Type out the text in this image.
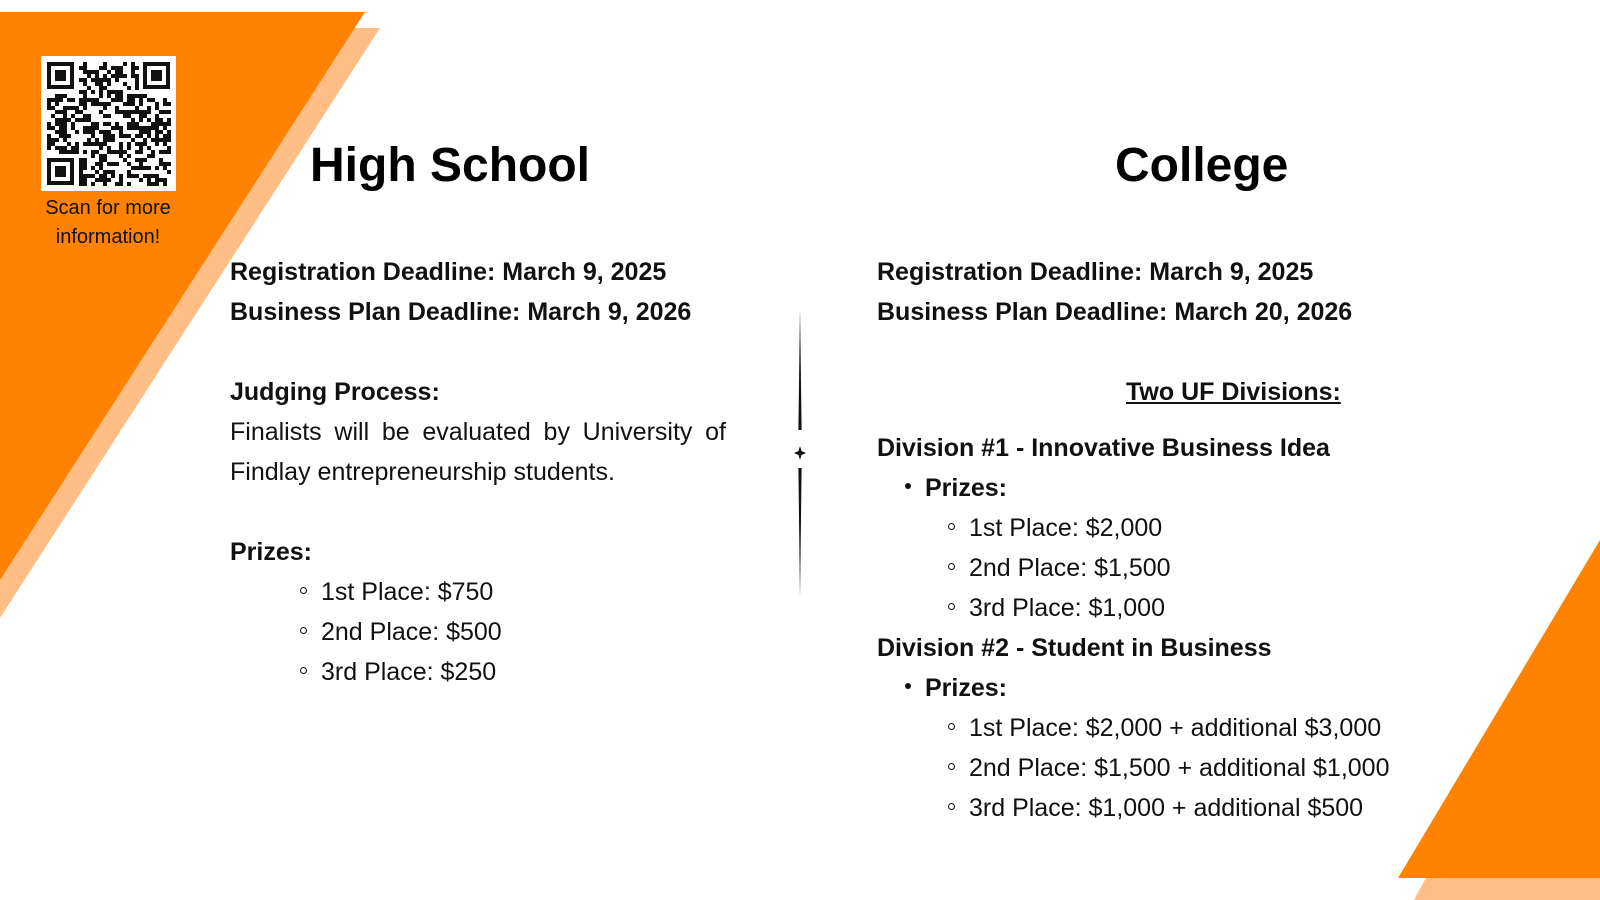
Scan for more
information!
High School
Registration Deadline: March 9, 2025
Business Plan Deadline: March 9, 2026
Judging Process:
Finalists will be evaluated by University of Findlay entrepreneurship students.
Prizes:
1st Place: $750
2nd Place: $500
3rd Place: $250
College
Registration Deadline: March 9, 2025
Business Plan Deadline: March 20, 2026
Two UF Divisions:
Division #1 - Innovative Business Idea
Prizes:
1st Place: $2,000
2nd Place: $1,500
3rd Place: $1,000
Division #2 - Student in Business
Prizes:
1st Place: $2,000 + additional $3,000
2nd Place: $1,500 + additional $1,000
3rd Place: $1,000 + additional $500
